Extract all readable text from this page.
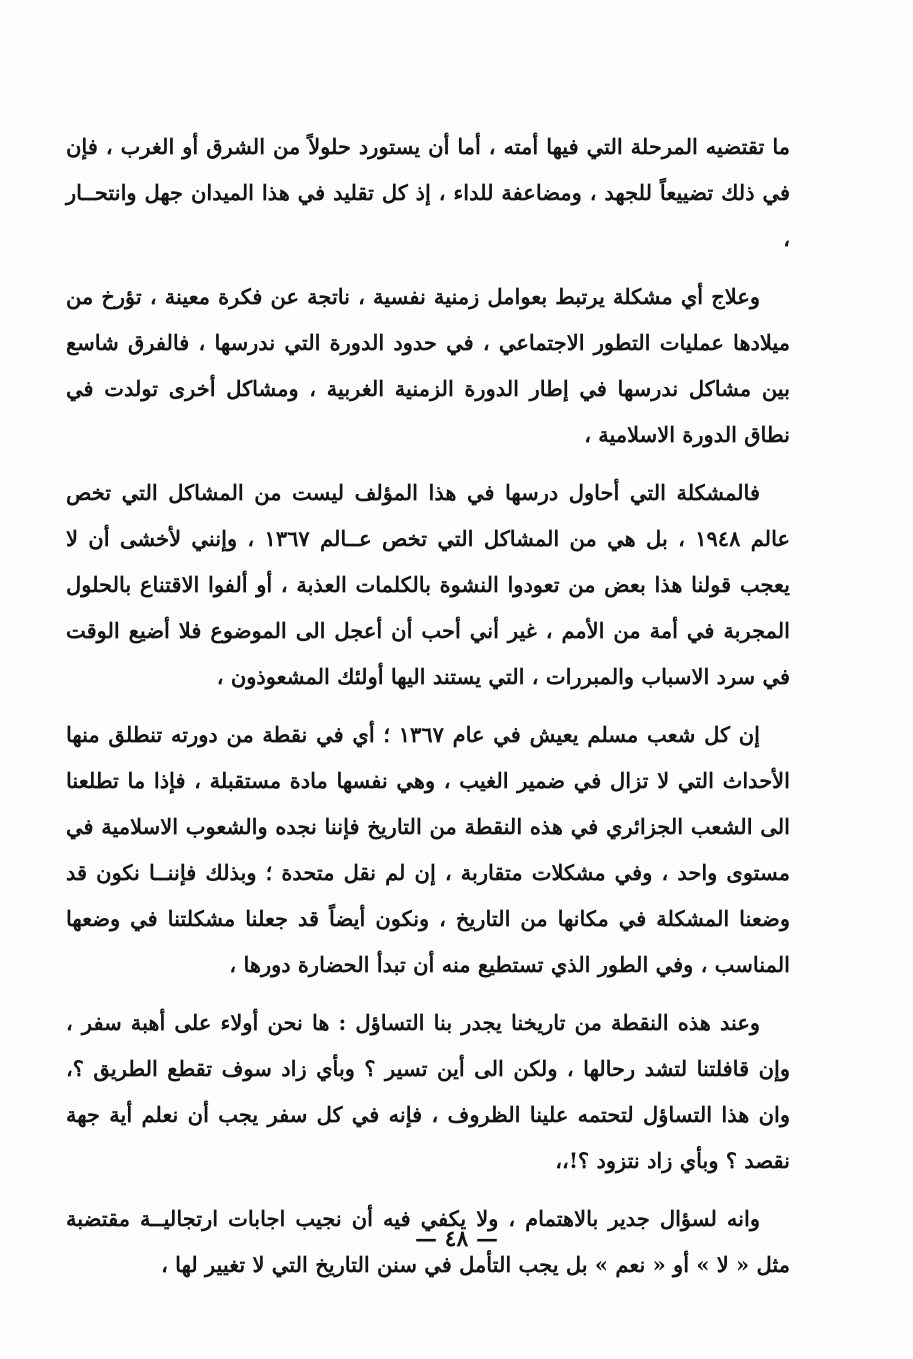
ما تقتضيه المرحلة التي فيها أمته ، أما أن يستورد حلولاً من الشرق أو الغرب ، فإن في ذلك تضييعاً للجهد ، ومضاعفة للداء ، إذ كل تقليد في هذا الميدان جهل وانتحــار ،

وعلاج أي مشكلة يرتبط بعوامل زمنية نفسية ، ناتجة عن فكرة معينة ، تؤرخ من ميلادها عمليات التطور الاجتماعي ، في حدود الدورة التي ندرسها ، فالفرق شاسع بين مشاكل ندرسها في إطار الدورة الزمنية الغربية ، ومشاكل أخرى تولدت في نطاق الدورة الاسلامية ،

فالمشكلة التي أحاول درسها في هذا المؤلف ليست من المشاكل التي تخص عالم ١٩٤٨ ، بل هي من المشاكل التي تخص عــالم ١٣٦٧ ، وإنني لأخشى أن لا يعجب قولنا هذا بعض من تعودوا النشوة بالكلمات العذبة ، أو ألفوا الاقتناع بالحلول المجربة في أمة من الأمم ، غير أني أحب أن أعجل الى الموضوع فلا أضيع الوقت في سرد الاسباب والمبررات ، التي يستند اليها أولئك المشعوذون ،

إن كل شعب مسلم يعيش في عام ١٣٦٧ ؛ أي في نقطة من دورته تنطلق منها الأحداث التي لا تزال في ضمير الغيب ، وهي نفسها مادة مستقبلة ، فإذا ما تطلعنا الى الشعب الجزائري في هذه النقطة من التاريخ فإننا نجده والشعوب الاسلامية في مستوى واحد ، وفي مشكلات متقاربة ، إن لم نقل متحدة ؛ وبذلك فإننــا نكون قد وضعنا المشكلة في مكانها من التاريخ ، ونكون أيضاً قد جعلنا مشكلتنا في وضعها المناسب ، وفي الطور الذي تستطيع منه أن تبدأ الحضارة دورها ،

وعند هذه النقطة من تاريخنا يجدر بنا التساؤل : ها نحن أولاء على أهبة سفر ، وإن قافلتنا لتشد رحالها ، ولكن الى أين تسير ؟ وبأي زاد سوف تقطع الطريق ؟، وان هذا التساؤل لتحتمه علينا الظروف ، فإنه في كل سفر يجب أن نعلم أية جهة نقصد ؟ وبأي زاد نتزود ؟!،،

وانه لسؤال جدير بالاهتمام ، ولا يكفي فيه أن نجيب اجابات ارتجاليــة مقتضبة مثل « لا » أو « نعم » بل يجب التأمل في سنن التاريخ التي لا تغيير لها ،

— ٤٨ —
